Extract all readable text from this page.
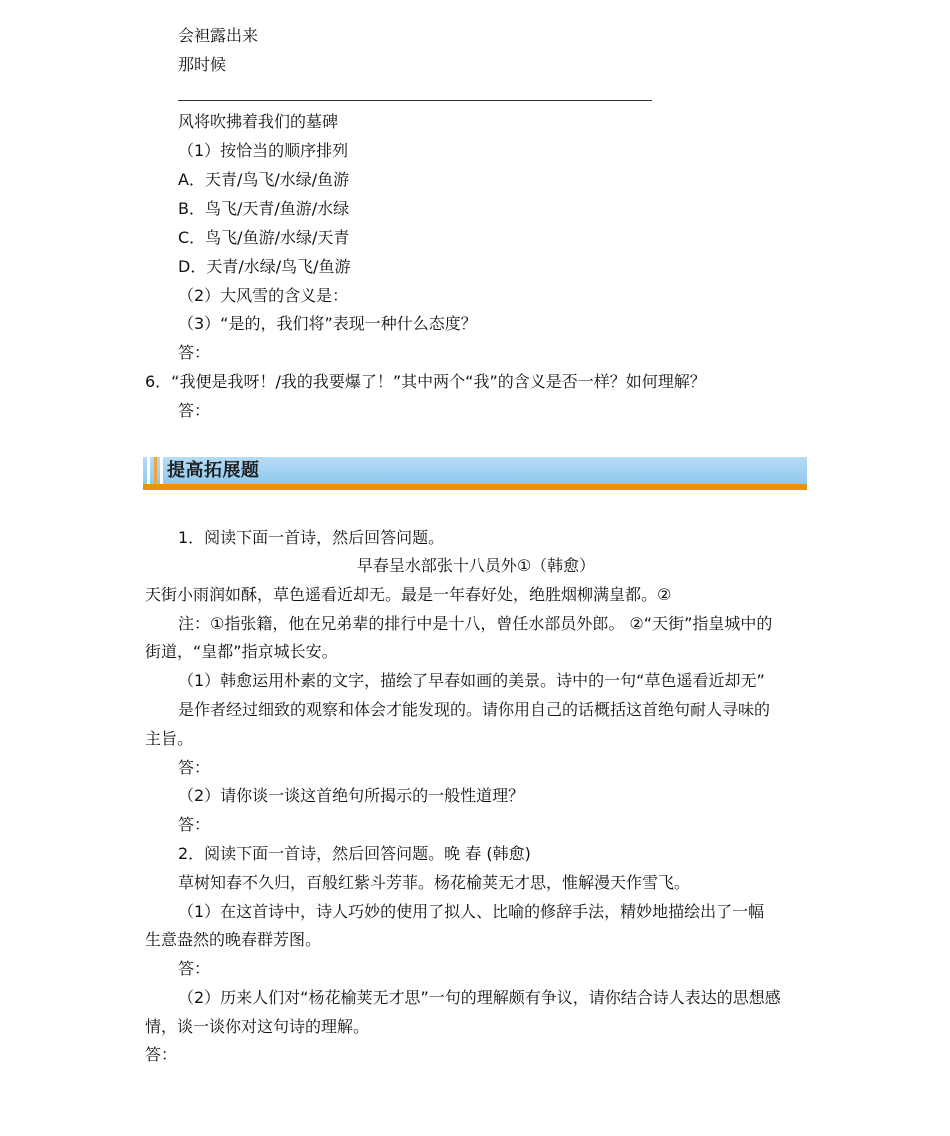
会袒露出来
那时候
风将吹拂着我们的墓碑
（1）按恰当的顺序排列
A．天青/鸟飞/水绿/鱼游
B．鸟飞/天青/鱼游/水绿
C．鸟飞/鱼游/水绿/天青
D．天青/水绿/鸟飞/鱼游
（2）大风雪的含义是：
（3）“是的，我们将”表现一种什么态度？
答：
6．“我便是我呀！/我的我要爆了！”其中两个“我”的含义是否一样？如何理解？
答：
提高拓展题
1．阅读下面一首诗，然后回答问题。
早春呈水部张十八员外①（韩愈）
天街小雨润如酥，草色遥看近却无。最是一年春好处，绝胜烟柳满皇都。②
注：①指张籍，他在兄弟辈的排行中是十八，曾任水部员外郎。 ②“天街”指皇城中的
街道，“皇都”指京城长安。
（1）韩愈运用朴素的文字，描绘了早春如画的美景。诗中的一句“草色遥看近却无”
是作者经过细致的观察和体会才能发现的。请你用自己的话概括这首绝句耐人寻味的
主旨。
答：
（2）请你谈一谈这首绝句所揭示的一般性道理？
答：
2．阅读下面一首诗，然后回答问题。晚 春 (韩愈)
草树知春不久归，百般红紫斗芳菲。杨花榆荚无才思，惟解漫天作雪飞。
（1）在这首诗中，诗人巧妙的使用了拟人、比喻的修辞手法，精妙地描绘出了一幅
生意盎然的晚春群芳图。
答：
（2）历来人们对“杨花榆荚无才思”一句的理解颇有争议，请你结合诗人表达的思想感
情，谈一谈你对这句诗的理解。
答：
